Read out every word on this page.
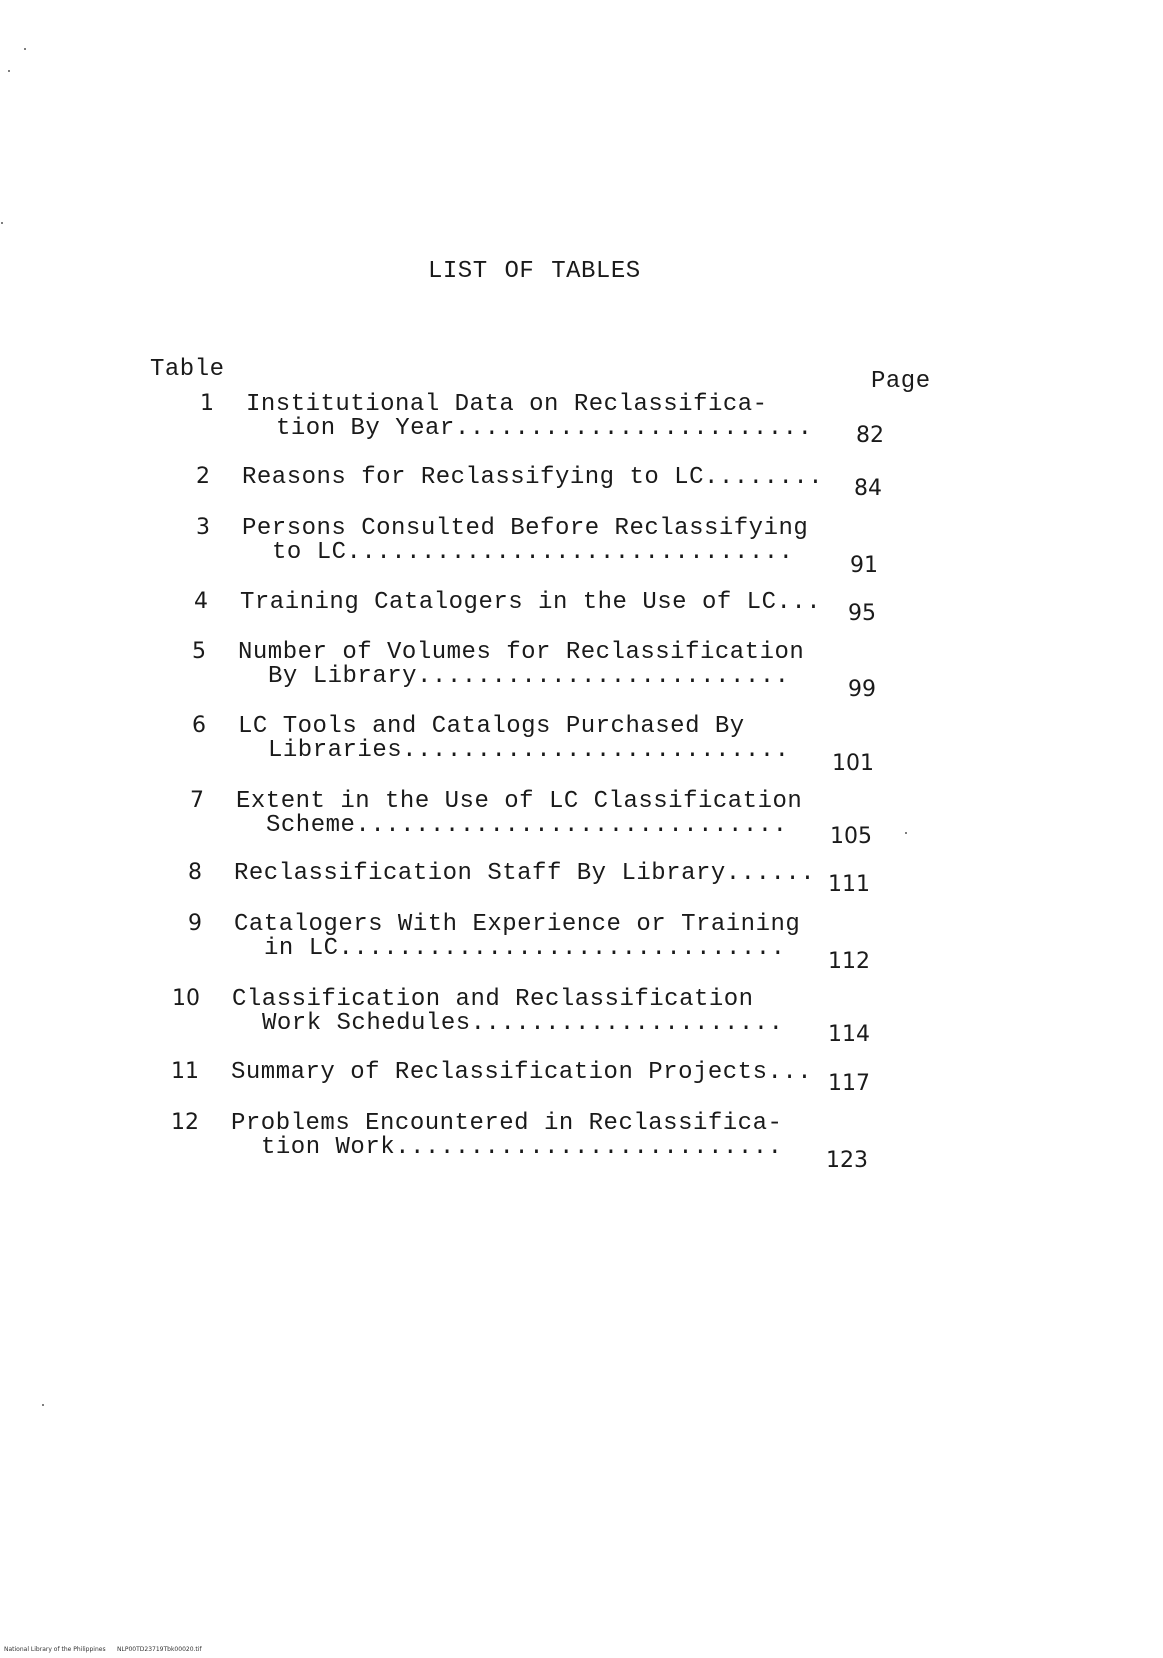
LIST OF TABLES
Table	Page
1 Institutional Data on Reclassifica-
tion By Year........................	82
2 Reasons for Reclassifying to LC........	84
3 Persons Consulted Before Reclassifying
to LC..............................	91
4 Training Catalogers in the Use of LC...	95
5 Number of Volumes for Reclassification
By Library.........................	99
6 LC Tools and Catalogs Purchased By
Libraries..........................	101
7 Extent in the Use of LC Classification
Scheme.............................	105
8 Reclassification Staff By Library...... 111
9 Catalogers With Experience or Training
in LC..............................	112
10 Classification and Reclassification
Work Schedules.....................	114
11 Summary of Reclassification Projects... 117
12 Problems Encountered in Reclassifica-
tion Work..........................	123
National Library of the Philippines NLP00TD23719Tbk00020.tif
